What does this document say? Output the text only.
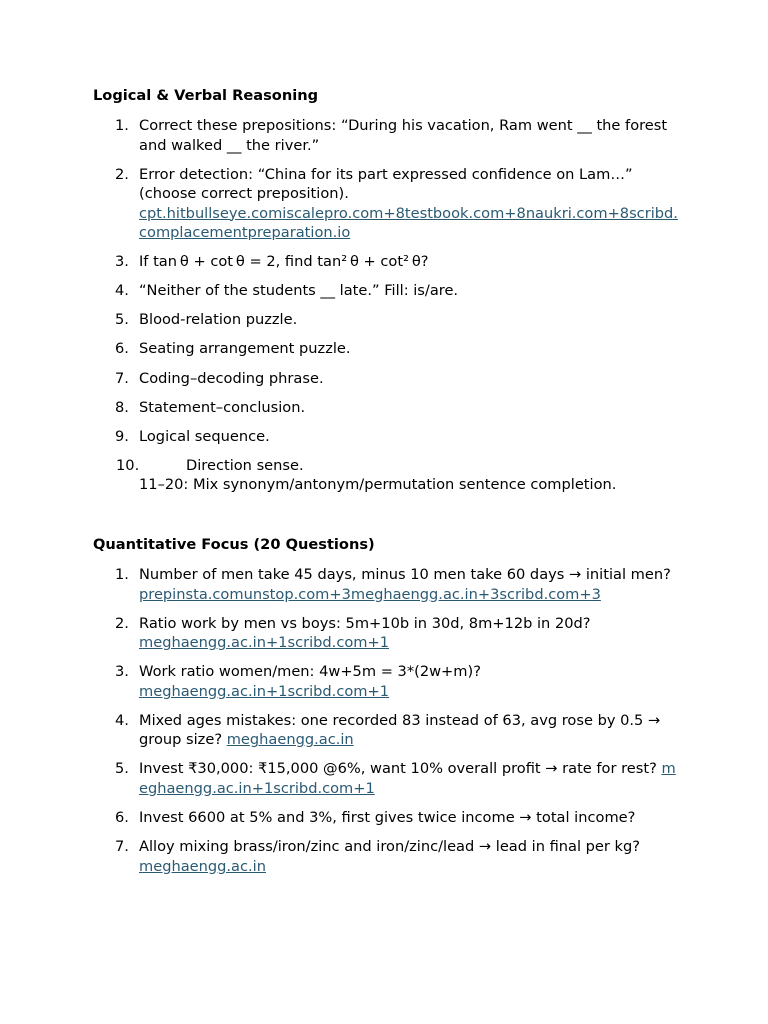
Logical & Verbal Reasoning
1. Correct these prepositions: “During his vacation, Ram went __ the forest and walked __ the river.”
2. Error detection: “China for its part expressed confidence on Lam…” (choose correct preposition).
cpt.hitbullseye.comiscalepro.com+8testbook.com+8naukri.com+8scribd.complacementpreparation.io
3. If tan θ + cot θ = 2, find tan² θ + cot² θ?
4. “Neither of the students __ late.” Fill: is/are.
5. Blood-relation puzzle.
6. Seating arrangement puzzle.
7. Coding–decoding phrase.
8. Statement–conclusion.
9. Logical sequence.
10.	Direction sense.
11–20: Mix synonym/antonym/permutation sentence completion.
Quantitative Focus (20 Questions)
1. Number of men take 45 days, minus 10 men take 60 days → initial men?
prepinsta.comunstop.com+3meghaengg.ac.in+3scribd.com+3
2. Ratio work by men vs boys: 5m+10b in 30d, 8m+12b in 20d?
meghaengg.ac.in+1scribd.com+1
3. Work ratio women/men: 4w+5m = 3*(2w+m)?
meghaengg.ac.in+1scribd.com+1
4. Mixed ages mistakes: one recorded 83 instead of 63, avg rose by 0.5 → group size? meghaengg.ac.in
5. Invest ₹30,000: ₹15,000 @6%, want 10% overall profit → rate for rest? meghaengg.ac.in+1scribd.com+1
6. Invest 6600 at 5% and 3%, first gives twice income → total income?
7. Alloy mixing brass/iron/zinc and iron/zinc/lead → lead in final per kg?
meghaengg.ac.in
